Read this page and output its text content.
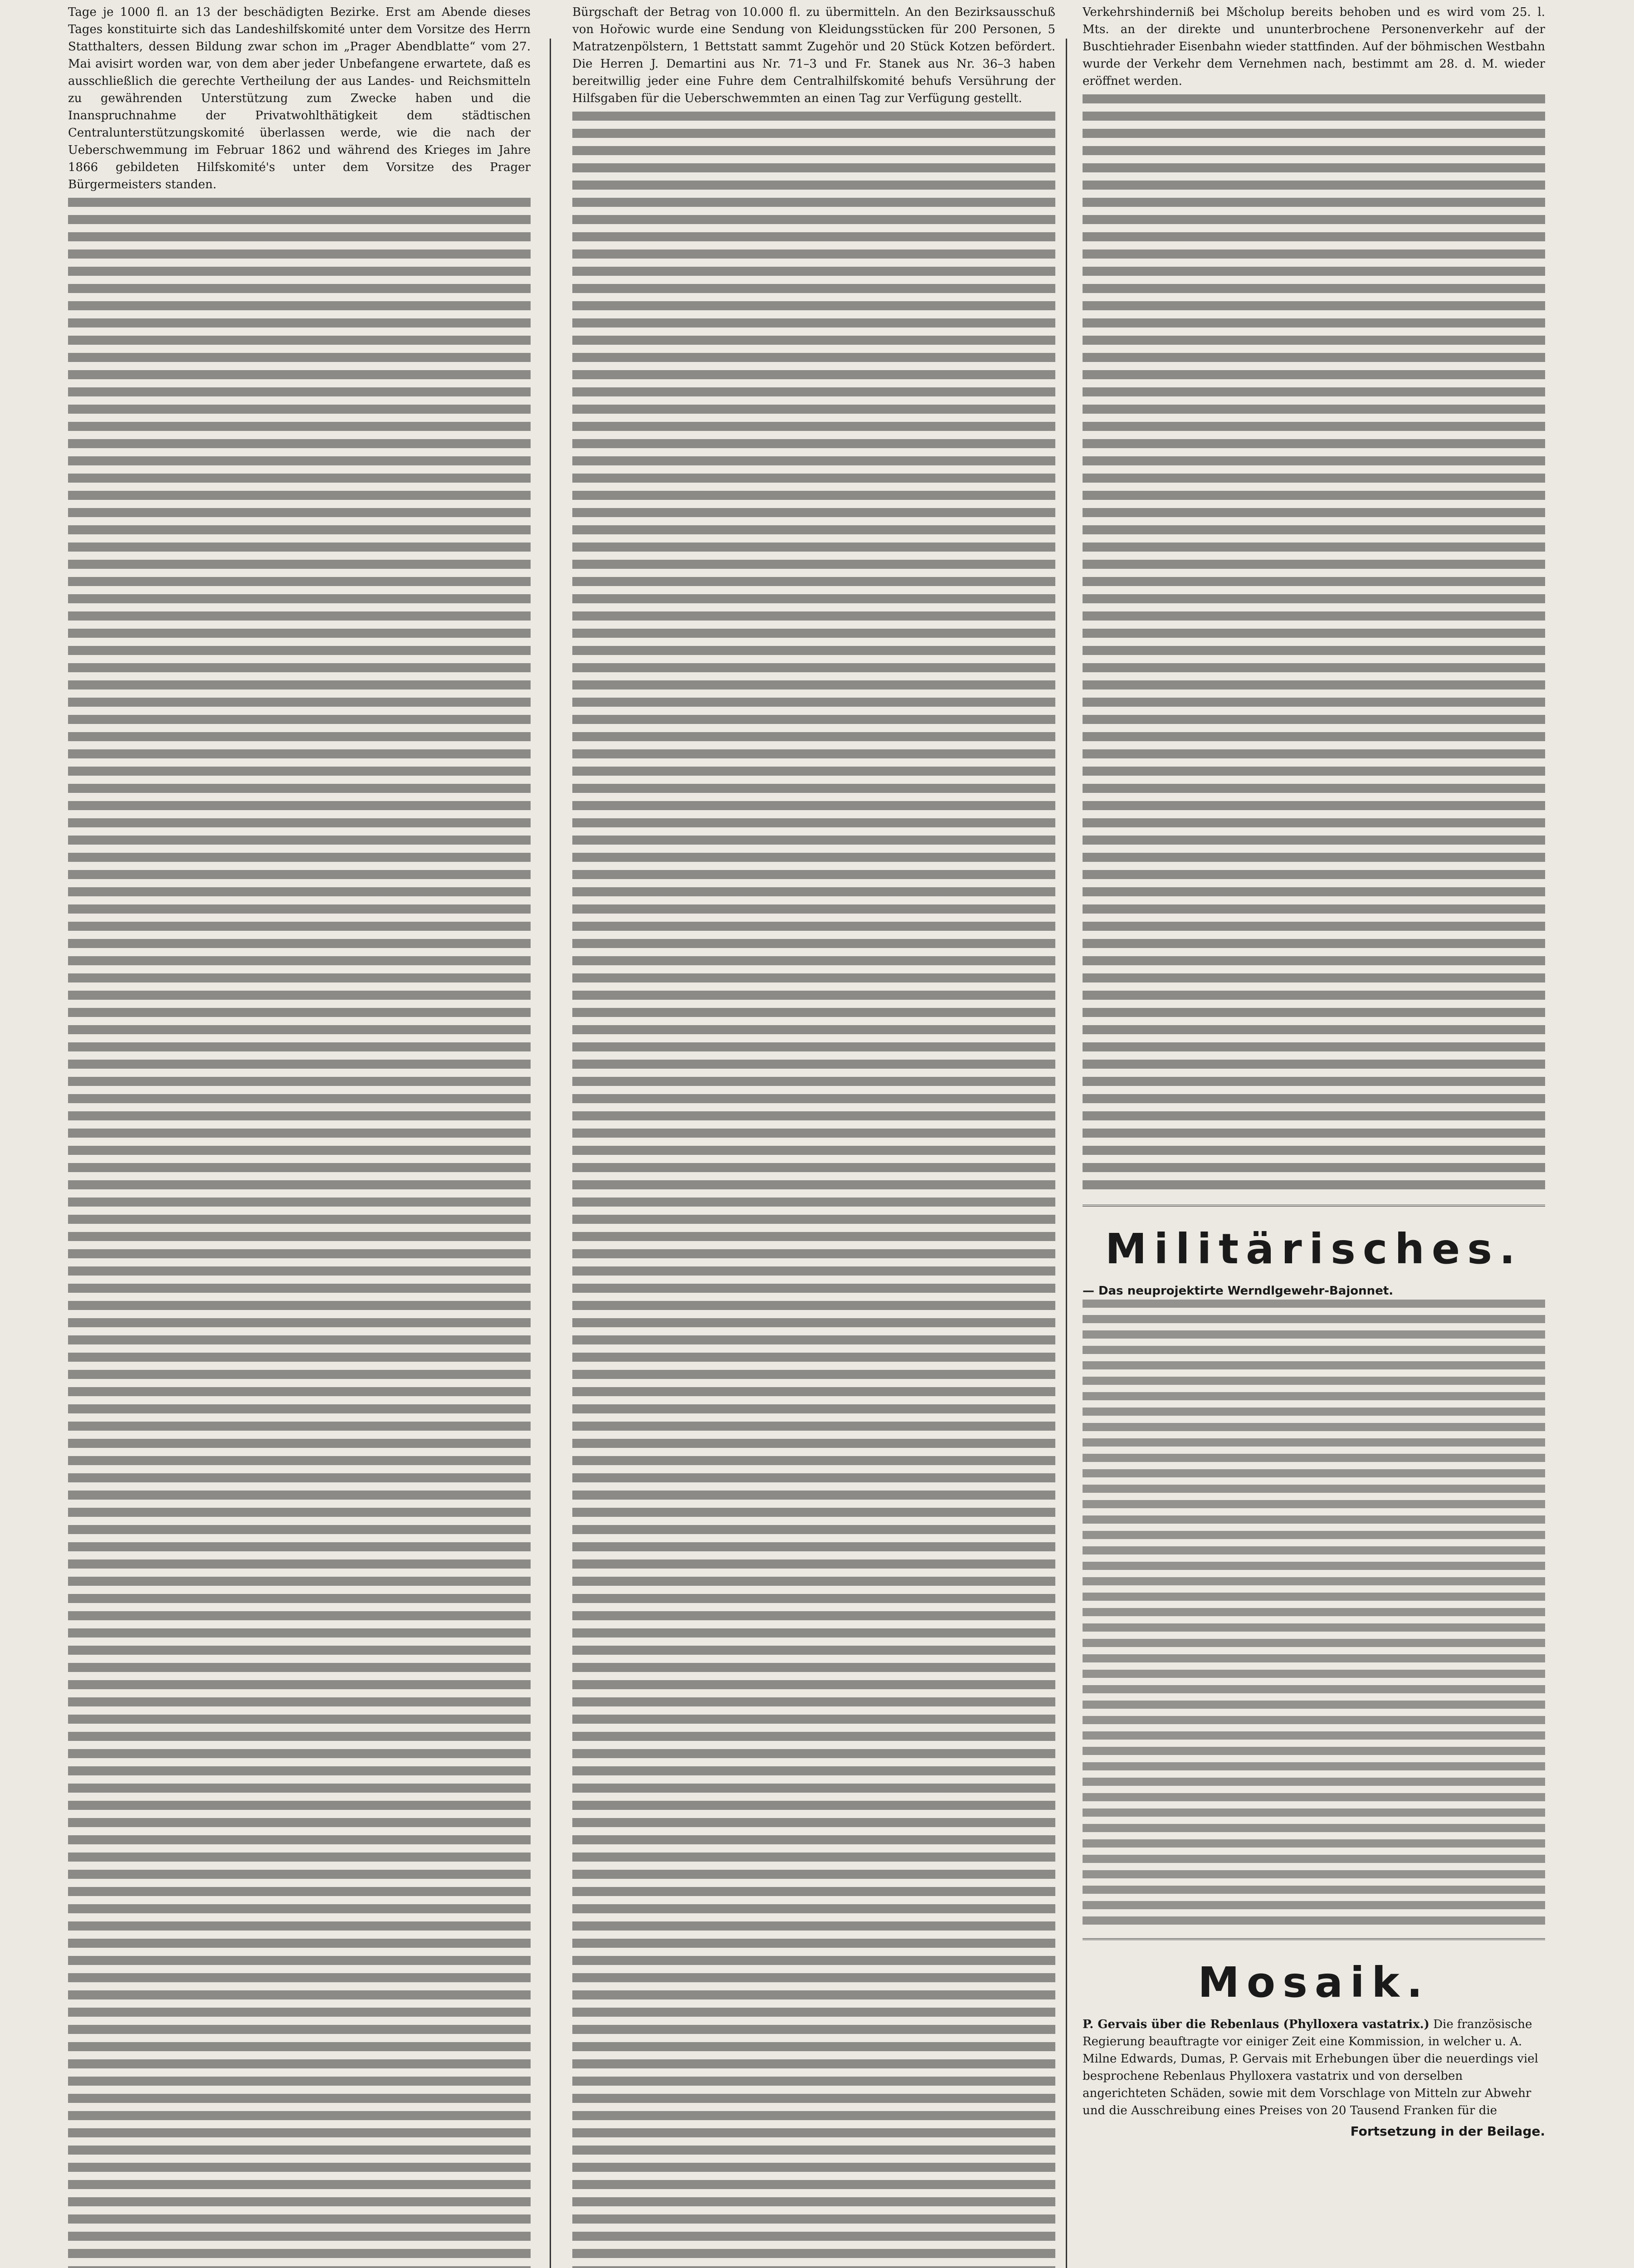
Tage je 1000 fl. an 13 der beschädigten Bezirke. Erst am Abende dieses Tages konstituirte sich das Landeshilfskomité unter dem Vorsitze des Herrn Statthalters, dessen Bildung zwar schon im „Prager Abendblatte“ vom 27. Mai avisirt worden war, von dem aber jeder Unbefangene erwartete, daß es ausschließlich die gerechte Vertheilung der aus Landes- und Reichsmitteln zu gewährenden Unterstützung zum Zwecke haben und die Inanspruchnahme der Privatwohlthätigkeit dem städtischen Centralunterstützungskomité überlassen werde, wie die nach der Ueberschwemmung im Februar 1862 und während des Krieges im Jahre 1866 gebildeten Hilfskomité's unter dem Vorsitze des Prager Bürgermeisters standen.

Bürgschaft der Betrag von 10.000 fl. zu übermitteln. An den Bezirksausschuß von Hořowic wurde eine Sendung von Kleidungsstücken für 200 Personen, 5 Matratzenpölstern, 1 Bettstatt sammt Zugehör und 20 Stück Kotzen befördert. Die Herren J. Demartini aus Nr. 71–3 und Fr. Stanek aus Nr. 36–3 haben bereitwillig jeder eine Fuhre dem Centralhilfskomité behufs Versührung der Hilfsgaben für die Ueberschwemmten an einen Tag zur Verfügung gestellt.

Verkehrshinderniß bei Mšcholup bereits behoben und es wird vom 25. l. Mts. an der direkte und ununterbrochene Personenverkehr auf der Buschtiehrader Eisenbahn wieder stattfinden. Auf der böhmischen Westbahn wurde der Verkehr dem Vernehmen nach, bestimmt am 28. d. M. wieder eröffnet werden.

Militärisches.
— Das neuprojektirte Werndlgewehr-Bajonnet.
Mosaik.
P. Gervais über die Rebenlaus (Phylloxera vastatrix.) Die französische Regierung beauftragte vor einiger Zeit eine Kommission, in welcher u. A. Milne Edwards, Dumas, P. Gervais mit Erhebungen über die neuerdings viel besprochene Rebenlaus Phylloxera vastatrix und von derselben angerichteten Schäden, sowie mit dem Vorschlage von Mitteln zur Abwehr und die Ausschreibung eines Preises von 20 Tausend Franken für die
Fortsetzung in der Beilage.
